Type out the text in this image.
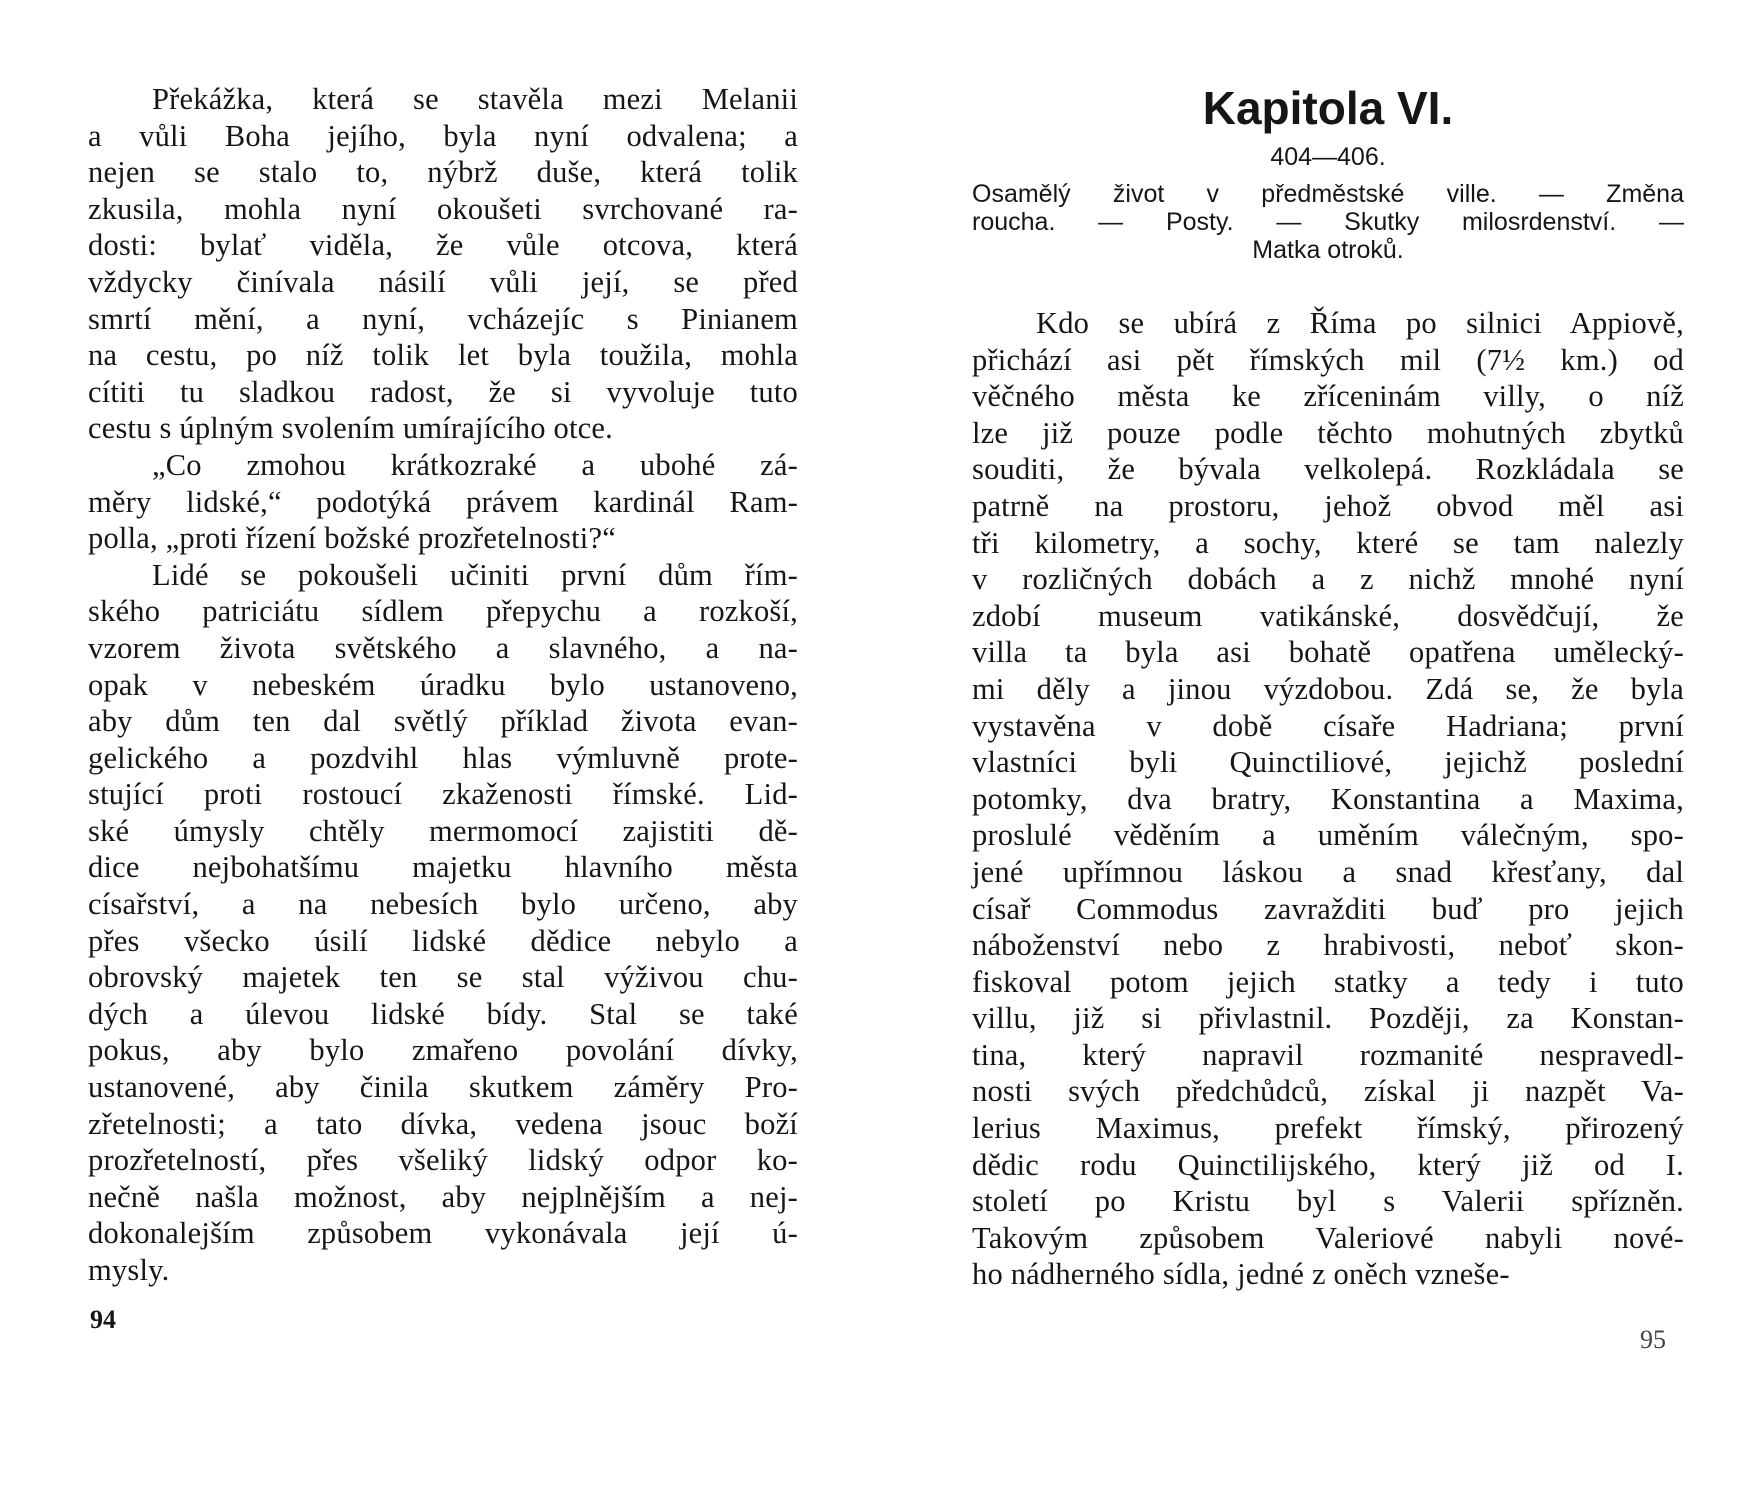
Překážka, která se stavěla mezi Melanii
a vůli Boha jejího, byla nyní odvalena; a
nejen se stalo to, nýbrž duše, která tolik
zkusila, mohla nyní okoušeti svrchované ra-
dosti: bylať viděla, že vůle otcova, která
vždycky činívala násilí vůli její, se před
smrtí mění, a nyní, vcházejíc s Pinianem
na cestu, po níž tolik let byla toužila, mohla
cítiti tu sladkou radost, že si vyvoluje tuto
cestu s úplným svolením umírajícího otce.
„Co zmohou krátkozraké a ubohé zá-
měry lidské,“ podotýká právem kardinál Ram-
polla, „proti řízení božské prozřetelnosti?“
Lidé se pokoušeli učiniti první dům řím-
ského patriciátu sídlem přepychu a rozkoší,
vzorem života světského a slavného, a na-
opak v nebeském úradku bylo ustanoveno,
aby dům ten dal světlý příklad života evan-
gelického a pozdvihl hlas výmluvně prote-
stující proti rostoucí zkaženosti římské. Lid-
ské úmysly chtěly mermomocí zajistiti dě-
dice nejbohatšímu majetku hlavního města
císařství, a na nebesích bylo určeno, aby
přes všecko úsilí lidské dědice nebylo a
obrovský majetek ten se stal výživou chu-
dých a úlevou lidské bídy. Stal se také
pokus, aby bylo zmařeno povolání dívky,
ustanovené, aby činila skutkem záměry Pro-
zřetelnosti; a tato dívka, vedena jsouc boží
prozřetelností, přes všeliký lidský odpor ko-
nečně našla možnost, aby nejplnějším a nej-
dokonalejším způsobem vykonávala její ú-
mysly.
94
Kapitola VI.
404—406.
Osamělý život v předměstské ville. — Změna
roucha. — Posty. — Skutky milosrdenství. —
Matka otroků.
Kdo se ubírá z Říma po silnici Appiově,
přichází asi pět římských mil (7½ km.) od
věčného města ke zříceninám villy, o níž
lze již pouze podle těchto mohutných zbytků
souditi, že bývala velkolepá. Rozkládala se
patrně na prostoru, jehož obvod měl asi
tři kilometry, a sochy, které se tam nalezly
v rozličných dobách a z nichž mnohé nyní
zdobí museum vatikánské, dosvědčují, že
villa ta byla asi bohatě opatřena umělecký-
mi děly a jinou výzdobou. Zdá se, že byla
vystavěna v době císaře Hadriana; první
vlastníci byli Quinctiliové, jejichž poslední
potomky, dva bratry, Konstantina a Maxima,
proslulé věděním a uměním válečným, spo-
jené upřímnou láskou a snad křesťany, dal
císař Commodus zavražditi buď pro jejich
náboženství nebo z hrabivosti, neboť skon-
fiskoval potom jejich statky a tedy i tuto
villu, již si přivlastnil. Později, za Konstan-
tina, který napravil rozmanité nespravedl-
nosti svých předchůdců, získal ji nazpět Va-
lerius Maximus, prefekt římský, přirozený
dědic rodu Quinctilijského, který již od I.
století po Kristu byl s Valerii spřízněn.
Takovým způsobem Valeriové nabyli nové-
ho nádherného sídla, jedné z oněch vznešе-
95
